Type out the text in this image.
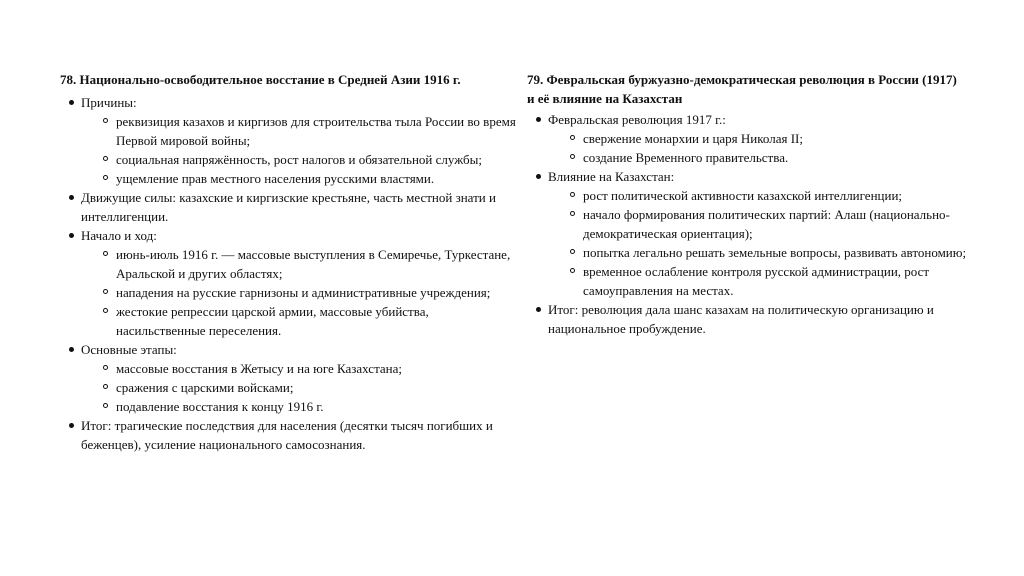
78. Национально-освободительное восстание в Средней Азии 1916 г.
Причины:
реквизиция казахов и киргизов для строительства тыла России во время Первой мировой войны;
социальная напряжённость, рост налогов и обязательной службы;
ущемление прав местного населения русскими властями.
Движущие силы: казахские и киргизские крестьяне, часть местной знати и интеллигенции.
Начало и ход:
июнь-июль 1916 г. — массовые выступления в Семиречье, Туркестане, Аральской и других областях;
нападения на русские гарнизоны и административные учреждения;
жестокие репрессии царской армии, массовые убийства, насильственные переселения.
Основные этапы:
массовые восстания в Жетысу и на юге Казахстана;
сражения с царскими войсками;
подавление восстания к концу 1916 г.
Итог: трагические последствия для населения (десятки тысяч погибших и беженцев), усиление национального самосознания.
79. Февральская буржуазно-демократическая революция в России (1917) и её влияние на Казахстан
Февральская революция 1917 г.:
свержение монархии и царя Николая II;
создание Временного правительства.
Влияние на Казахстан:
рост политической активности казахской интеллигенции;
начало формирования политических партий: Алаш (национально-демократическая ориентация);
попытка легально решать земельные вопросы, развивать автономию;
временное ослабление контроля русской администрации, рост самоуправления на местах.
Итог: революция дала шанс казахам на политическую организацию и национальное пробуждение.
